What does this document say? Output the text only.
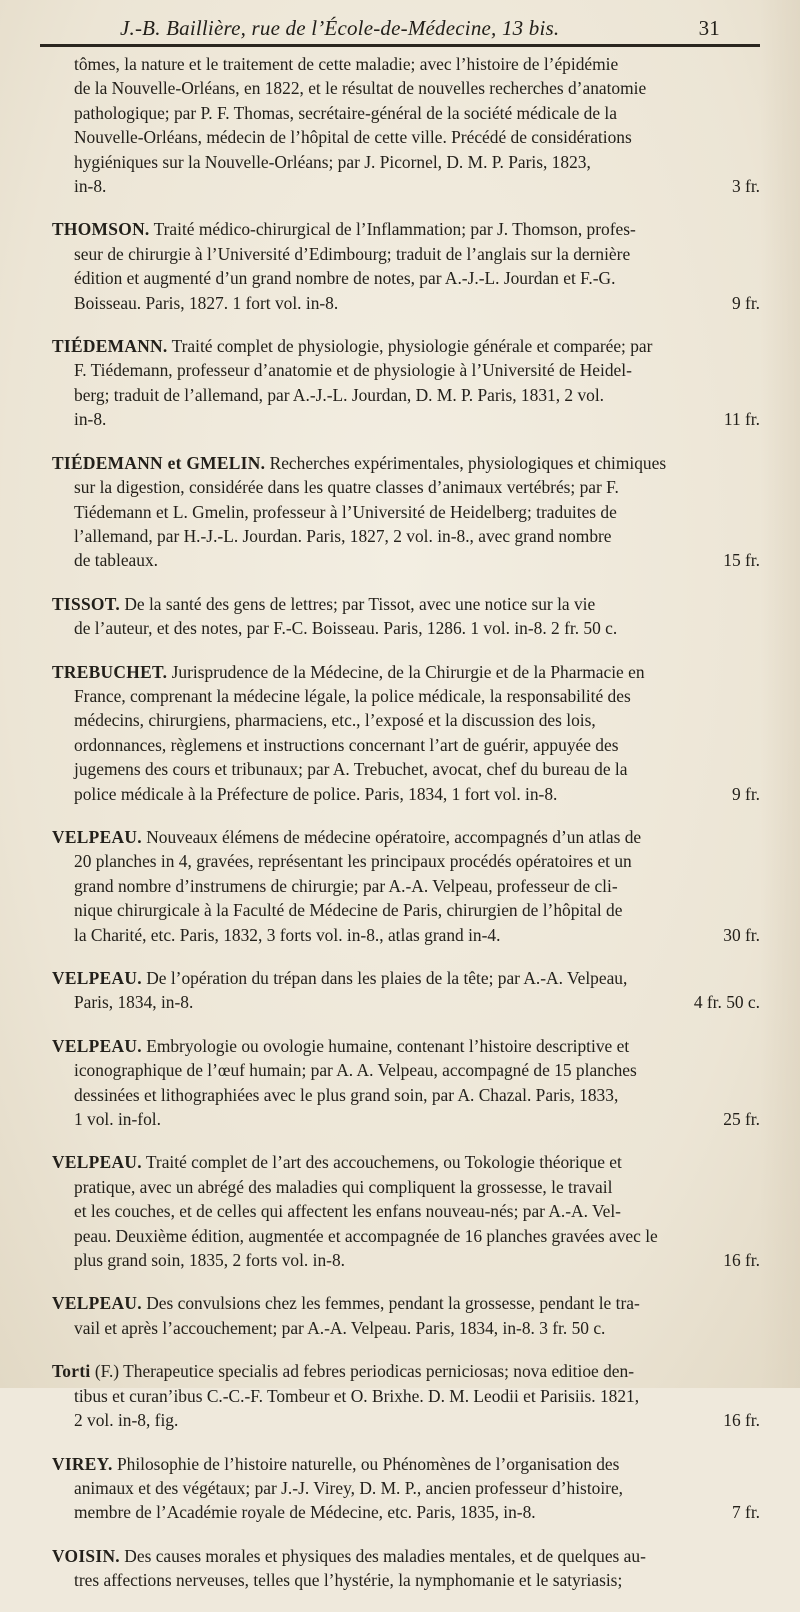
J.-B. Baillière, rue de l’École-de-Médecine, 13 bis.	31
tômes, la nature et le traitement de cette maladie; avec l’histoire de l’épidémie
de la Nouvelle-Orléans, en 1822, et le résultat de nouvelles recherches d’anatomie
pathologique; par P. F. Thomas, secrétaire-général de la société médicale de la
Nouvelle-Orléans, médecin de l’hôpital de cette ville. Précédé de considérations
hygiéniques sur la Nouvelle-Orléans; par J. Picornel, D. M. P. Paris, 1823,
in-8.	3 fr.
THOMSON. Traité médico-chirurgical de l’Inflammation; par J. Thomson, profes-
seur de chirurgie à l’Université d’Edimbourg; traduit de l’anglais sur la dernière
édition et augmenté d’un grand nombre de notes, par A.-J.-L. Jourdan et F.-G.
Boisseau. Paris, 1827. 1 fort vol. in-8.	9 fr.
TIÉDEMANN. Traité complet de physiologie, physiologie générale et comparée; par
F. Tiédemann, professeur d’anatomie et de physiologie à l’Université de Heidel-
berg; traduit de l’allemand, par A.-J.-L. Jourdan, D. M. P. Paris, 1831, 2 vol.
in-8.	11 fr.
TIÉDEMANN et GMELIN. Recherches expérimentales, physiologiques et chimiques
sur la digestion, considérée dans les quatre classes d’animaux vertébrés; par F.
Tiédemann et L. Gmelin, professeur à l’Université de Heidelberg; traduites de
l’allemand, par H.-J.-L. Jourdan. Paris, 1827, 2 vol. in-8., avec grand nombre
de tableaux.	15 fr.
TISSOT. De la santé des gens de lettres; par Tissot, avec une notice sur la vie
de l’auteur, et des notes, par F.-C. Boisseau. Paris, 1286. 1 vol. in-8. 2 fr. 50 c.
TREBUCHET. Jurisprudence de la Médecine, de la Chirurgie et de la Pharmacie en
France, comprenant la médecine légale, la police médicale, la responsabilité des
médecins, chirurgiens, pharmaciens, etc., l’exposé et la discussion des lois,
ordonnances, règlemens et instructions concernant l’art de guérir, appuyée des
jugemens des cours et tribunaux; par A. Trebuchet, avocat, chef du bureau de la
police médicale à la Préfecture de police. Paris, 1834, 1 fort vol. in-8.	9 fr.
VELPEAU. Nouveaux élémens de médecine opératoire, accompagnés d’un atlas de
20 planches in 4, gravées, représentant les principaux procédés opératoires et un
grand nombre d’instrumens de chirurgie; par A.-A. Velpeau, professeur de cli-
nique chirurgicale à la Faculté de Médecine de Paris, chirurgien de l’hôpital de
la Charité, etc. Paris, 1832, 3 forts vol. in-8., atlas grand in-4.	30 fr.
VELPEAU. De l’opération du trépan dans les plaies de la tête; par A.-A. Velpeau,
Paris, 1834, in-8.	4 fr. 50 c.
VELPEAU. Embryologie ou ovologie humaine, contenant l’histoire descriptive et
iconographique de l’œuf humain; par A. A. Velpeau, accompagné de 15 planches
dessinées et lithographiées avec le plus grand soin, par A. Chazal. Paris, 1833,
1 vol. in-fol.	25 fr.
VELPEAU. Traité complet de l’art des accouchemens, ou Tokologie théorique et
pratique, avec un abrégé des maladies qui compliquent la grossesse, le travail
et les couches, et de celles qui affectent les enfans nouveau-nés; par A.-A. Vel-
peau. Deuxième édition, augmentée et accompagnée de 16 planches gravées avec le
plus grand soin, 1835, 2 forts vol. in-8.	16 fr.
VELPEAU. Des convulsions chez les femmes, pendant la grossesse, pendant le tra-
vail et après l’accouchement; par A.-A. Velpeau. Paris, 1834, in-8. 3 fr. 50 c.
Torti (F.) Therapeutice specialis ad febres periodicas perniciosas; nova editioe den-
tibus et curan’ibus C.-C.-F. Tombeur et O. Brixhe. D. M. Leodii et Parisiis. 1821,
2 vol. in-8, fig.	16 fr.
VIREY. Philosophie de l’histoire naturelle, ou Phénomènes de l’organisation des
animaux et des végétaux; par J.-J. Virey, D. M. P., ancien professeur d’histoire,
membre de l’Académie royale de Médecine, etc. Paris, 1835, in-8.	7 fr.
VOISIN. Des causes morales et physiques des maladies mentales, et de quelques au-
tres affections nerveuses, telles que l’hystérie, la nymphomanie et le satyriasis;
